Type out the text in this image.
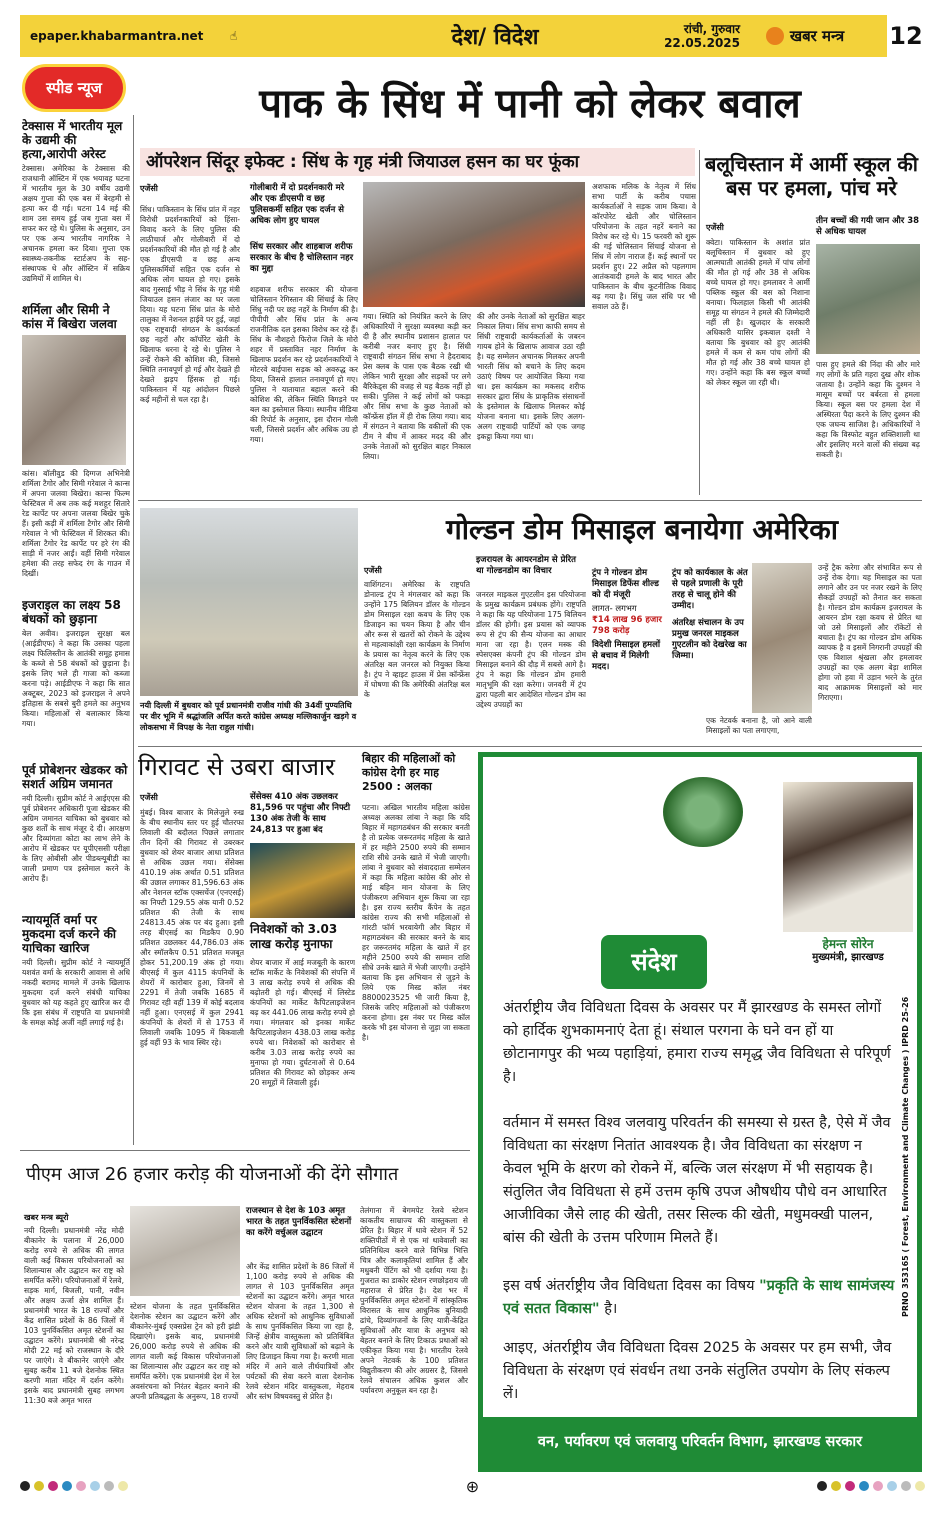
epaper.khabarmantra.net	☝	देश/ विदेश	रांची, गुरुवार
22.05.2025	खबर मन्त्र 12
स्पीड न्यूज
टेक्सास में भारतीय मूल के उद्यमी की हत्या,आरोपी अरेस्ट
टेक्सास। अमेरिका के टेक्सास की राजधानी ऑस्टिन में एक भयावह घटना में भारतीय मूल के 30 वर्षीय उद्यमी अक्षय गुप्ता की एक बस में बेरहमी से हत्या कर दी गई। घटना 14 मई की शाम उस समय हुई जब गुप्ता बस में सफर कर रहे थे। पुलिस के अनुसार, उन पर एक अन्य भारतीय नागरिक ने अचानक हमला कर दिया। गुप्ता एक स्वास्थ्य-तकनीक स्टार्टअप के सह-संस्थापक थे और ऑस्टिन में सक्रिय उद्यमियों में शामिल थे।
शर्मिला और सिमी ने कांस में बिखेरा जलवा
कांस। बॉलीवुड की दिग्गज अभिनेत्री शर्मिला टैगोर और सिमी गरेवाल ने कान्स में अपना जलवा बिखेरा। कान्स फिल्म फेस्टिवल में अब तक कई मशहूर सितारे रेड कार्पेट पर अपना जलवा बिखेर चुके हैं। इसी कड़ी में शर्मिला टैगोर और सिमी गरेवाल ने भी फेस्टिवल में शिरकत की। शर्मिला टैगोर रेड कार्पेट पर हरे रंग की साड़ी में नजर आईं। वहीं सिमी गरेवाल हमेशा की तरह सफेद रंग के गाउन में दिखीं।
इजराइल का लक्ष्य 58 बंधकों को छुड़ाना
बेल अवीव। इजराइल सुरक्षा बल (आईडीएफ) ने कहा कि उसका पहला लक्ष्य फिलिस्तीन के आतंकी समूह हमास के कब्जे से 58 बंधकों को छुड़ाना है। इसके लिए भले ही गाजा को कब्जा करना पड़े। आईडीएफ ने कहा कि सात अक्टूबर, 2023 को इजराइल ने अपने इतिहास के सबसे बुरी हमले का अनुभव किया। महिलाओं से बलात्कार किया गया।
पूर्व प्रोबेशनर खेडकर को सशर्त अग्रिम जमानत
नयी दिल्ली। सुप्रीम कोर्ट ने आईएएस की पूर्व प्रोबेशनर अधिकारी पूजा खेडकर की अग्रिम जमानत याचिका को बुधवार को कुछ शर्तों के साथ मंजूर दे दी। आरक्षण और दिव्यांगता कोटा का लाभ लेने के आरोप में खेडकर पर यूपीएससी परीक्षा के लिए ओबीसी और पीडब्ल्यूबीडी का जाली प्रमाण पत्र इस्तेमाल करने के आरोप हैं।
न्यायमूर्ति वर्मा पर मुकदमा दर्ज करने की याचिका खारिज
नयी दिल्ली। सुप्रीम कोर्ट ने न्यायमूर्ति यशवंत वर्मा के सरकारी आवास से अधि नकदी बरामद मामले में उनके खिलाफ मुकदमा दर्ज करने संबंधी याचिका बुधवार को यह कहते हुए खारिज कर दी कि इस संबंध में राष्ट्रपति या प्रधानमंत्री के समक्ष कोई अर्जी नहीं लगाई गई है।
पाक के सिंध में पानी को लेकर बवाल
ऑपरेशन सिंदूर इफेक्ट : सिंध के गृह मंत्री जियाउल हसन का घर फूंका
एजेंसी
सिंध। पाकिस्तान के सिंध प्रांत में नहर विरोधी प्रदर्शनकारियों को हिंसा-विवाद करने के लिए पुलिस की लाठीचार्ज और गोलीबारी में दो प्रदर्शनकारियों की मौत हो गई है और एक डीएसपी व छह अन्य पुलिसकर्मियों सहित एक दर्जन से अधिक लोग घायल हो गए। इसके बाद गुस्साई भीड़ ने सिंध के गृह मंत्री जियाउल हसन लंजार का घर जला दिया। यह घटना सिंध प्रांत के मोरो तालुका में नेशनल हाईवे पर हुई, जहां एक राष्ट्रवादी संगठन के कार्यकर्ता छह नहरों और कॉर्पोरेट खेती के खिलाफ धरना दे रहे थे। पुलिस ने उन्हें रोकने की कोशिश की, जिससे स्थिति तनावपूर्ण हो गई और देखते ही देखते झड़प हिंसक हो गई। पाकिस्तान में यह आंदोलन पिछले कई महीनों से चल रहा है।
गोलीबारी में दो प्रदर्शनकारी मरे और एक डीएसपी व छह पुलिसकर्मी सहित एक दर्जन से अधिक लोग हुए घायल
सिंध सरकार और शाहबाज शरीफ सरकार के बीच है चोलिस्तान नहर का मुद्दा
शहबाज शरीफ सरकार की योजना चोलिस्तान रेगिस्तान की सिंचाई के लिए सिंधु नदी पर छह नहरें के निर्माण की है। पीपीपी और सिंध प्रांत के अन्य राजनीतिक दल इसका विरोध कर रहे हैं। सिंध के नौशहरो फिरोज जिले के मोरो शहर में प्रस्तावित नहर निर्माण के खिलाफ प्रदर्शन कर रहे प्रदर्शनकारियों ने मोटरवे बाईपास सड़क को अवरुद्ध कर दिया, जिससे हालात तनावपूर्ण हो गए। पुलिस ने यातायात बहाल करने की कोशिश की, लेकिन स्थिति बिगड़ने पर बल का इस्तेमाल किया। स्थानीय मीडिया की रिपोर्ट के अनुसार, इस दौरान गोली चली, जिससे प्रदर्शन और अधिक उग्र हो गया।
गया। स्थिति को नियंत्रित करने के लिए अधिकारियों ने सुरक्षा व्यवस्था कड़ी कर दी है और स्थानीय प्रशासन हालात पर करीबी नजर बनाए हुए है। सिंधी राष्ट्रवादी संगठन सिंध सभा ने हैदराबाद प्रेस क्लब के पास एक बैठक रखी थी लेकिन भारी सुरक्षा और सड़कों पर लगे बैरिकेड्स की वजह से यह बैठक नहीं हो सकी। पुलिस ने कई लोगों को पकड़ा और सिंध सभा के कुछ नेताओं को कॉन्फ्रेंस हॉल में ही रोक लिया गया। बाद में संगठन ने बताया कि वकीलों की एक टीम ने बीच में आकर मदद की और उनके नेताओं को सुरक्षित बाहर निकाल लिया।
की और उनके नेताओं को सुरक्षित बाहर निकाल लिया। सिंध सभा काफी समय से सिंधी राष्ट्रवादी कार्यकर्ताओं के जबरन गायब होने के खिलाफ आवाज उठा रही है। यह सम्मेलन अचानक मिलकर अपनी भारती सिंध को बचाने के लिए कदम उठाएं विषय पर आयोजित किया गया था। इस कार्यक्रम का मकसद शरीफ सरकार द्वारा सिंध के प्राकृतिक संसाधनों के इस्तेमाल के खिलाफ मिलकर कोई योजना बनाना था। इसके लिए अलग-अलग राष्ट्रवादी पार्टियों को एक जगह इकट्ठा किया गया था।
अशफाक मलिक के नेतृत्व में सिंध सभा पार्टी के करीब पचास कार्यकर्ताओं ने सड़क जाम किया। वे कॉरपोरेट खेती और चोलिस्तान परियोजना के तहत नहरें बनाने का विरोध कर रहे थे। 15 फरवरी को शुरू की गई चोलिस्तान सिंचाई योजना से सिंध में लोग नाराज हैं। कई स्थानों पर प्रदर्शन हुए। 22 अप्रैल को पहलगाम आतंकवादी हमले के बाद भारत और पाकिस्तान के बीच कूटनीतिक विवाद बढ़ गया है। सिंधु जल संधि पर भी सवाल उठे हैं।
बलूचिस्तान में आर्मी स्कूल की बस पर हमला, पांच मरे
तीन बच्चों की गयी जान और 38 से अधिक घायल
एजेंसी
क्वेटा। पाकिस्तान के अशांत प्रांत बलूचिस्तान में बुधवार को हुए आत्मघाती आतंकी हमले में पांच लोगों की मौत हो गई और 38 से अधिक बच्चे घायल हो गए। हमलावर ने आर्मी पब्लिक स्कूल की बस को निशाना बनाया। फिलहाल किसी भी आतंकी समूह या संगठन ने हमले की जिम्मेदारी नहीं ली है। खुजदार के सरकारी अधिकारी यासिर इकबाल दश्ती ने बताया कि बुधवार को हुए आतंकी हमले में कम से कम पांच लोगों की मौत हो गई और 38 बच्चे घायल हो गए। उन्होंने कहा कि बस स्कूल बच्चों को लेकर स्कूल जा रही थी।
पास हुए हमले की निंदा की और मारे गए लोगों के प्रति गहरा दुख और शोक जताया है। उन्होंने कहा कि दुश्मन ने मासूम बच्चों पर बर्बरता से हमला किया। स्कूल बस पर हमला देश में अस्थिरता पैदा करने के लिए दुश्मन की एक जघन्य साजिश है। अधिकारियों ने कहा कि विस्फोट बहुत शक्तिशाली था और इसलिए मरने वालों की संख्या बढ़ सकती है।
नयी दिल्ली में बुधवार को पूर्व प्रधानमंत्री राजीव गांधी की 34वीं पुण्यतिथि पर वीर भूमि में श्रद्धांजलि अर्पित करते कांग्रेस अध्यक्ष मल्लिकार्जुन खड़गे व लोकसभा में विपक्ष के नेता राहुल गांधी।
गोल्डन डोम मिसाइल बनायेगा अमेरिका
एजेंसी
वाशिंगटन। अमेरिका के राष्ट्रपति डोनाल्ड ट्रंप ने मंगलवार को कहा कि उन्होंने 175 बिलियन डॉलर के गोल्डन डोम मिसाइल रक्षा कवच के लिए एक डिजाइन का चयन किया है और चीन और रूस से खतरों को रोकने के उद्देश्य से महत्वाकांक्षी रक्षा कार्यक्रम के निर्माण के प्रयास का नेतृत्व करने के लिए एक अंतरिक्ष बल जनरल को नियुक्त किया है। ट्रंप ने व्हाइट हाउस में प्रेस कॉन्फ्रेंस में घोषणा की कि अमेरिकी अंतरिक्ष बल के
इजरायल के आयरनडोम से प्रेरित था गोल्डनडोम का विचार
जनरल माइकल गुएटलीन इस परियोजना के प्रमुख कार्यक्रम प्रबंधक होंगे। राष्ट्रपति ने कहा कि यह परियोजना 175 बिलियन डॉलर की होगी। इस प्रयास को व्यापक रूप से ट्रंप की सैन्य योजना का आधार माना जा रहा है। एलन मस्क की स्पेसएक्स कंपनी ट्रंप की गोल्डन डोम मिसाइल बनाने की दौड़ में सबसे आगे है। ट्रंप ने कहा कि गोल्डन डोम हमारी मातृभूमि की रक्षा करेगा। जनवरी में ट्रंप द्वारा पहली बार आदेशित गोल्डन डोम का उद्देश्य उपग्रहों का
ट्रंप ने गोल्डन डोम मिसाइल डिफेंस शील्ड को दी मंजूरी
लागत- लगभग
₹14 लाख 96 हजार 798 करोड़
विदेशी मिसाइल हमलों से बचाव में मिलेगी मदद।
ट्रंप को कार्यकाल के अंत से पहले प्रणाली के पूरी तरह से चालू होने की उम्मीद।
अंतरिक्ष संचालन के उप प्रमुख जनरल माइकल गुएटलीन को देखरेख का जिम्मा।
एक नेटवर्क बनाना है, जो आने वाली मिसाइलों का पता लगाएगा,
उन्हें ट्रैक करेगा और संभावित रूप से उन्हें रोक देगा। यह मिसाइल का पता लगाने और उन पर नजर रखने के लिए सैकड़ों उपग्रहों को तैनात कर सकता है। गोल्डन डोम कार्यक्रम इजरायल के आयरन डोम रक्षा कवच से प्रेरित था जो उसे मिसाइलों और रॉकेटों से बचाता है। ट्रंप का गोल्डन डोम अधिक व्यापक है व इसमें निगरानी उपग्रहों की एक विशाल श्रृंखला और हमलावर उपग्रहों का एक अलग बेड़ा शामिल होगा जो हवा में उड़ान भरने के तुरंत बाद आक्रामक मिसाइलों को मार गिराएगा।
गिरावट से उबरा बाजार
एजेंसी
मुंबई। विश्व बाजार के मिलेजुले रुख के बीच स्थानीय स्तर पर हुई चौतरफा लिवाली की बदौलत पिछले लगातार तीन दिनों की गिरावट से उबरकर बुधवार को शेयर बाजार आधा प्रतिशत से अधिक उछल गया। सेंसेक्स 410.19 अंक अर्थात 0.51 प्रतिशत की उछाल लगाकर 81,596.63 अंक और नेशनल स्टॉक एक्सचेंज (एनएसई) का निफ्टी 129.55 अंक यानी 0.52 प्रतिशत की तेजी के साथ 24813.45 अंक पर बंद हुआ। इसी तरह बीएसई का मिडकैप 0.90 प्रतिशत उछलकर 44,786.03 अंक और स्मॉलकैप 0.51 प्रतिशत मजबूत होकर 51,200.19 अंक हो गया। बीएसई में कुल 4115 कंपनियों के शेयरों में कारोबार हुआ, जिनमें से 2291 में तेजी जबकि 1685 में गिरावट रही वहीं 139 में कोई बदलाव नहीं हुआ। एनएसई में कुल 2941 कंपनियों के शेयरों में से 1753 में लिवाली जबकि 1095 में बिकवाली हुई वहीं 93 के भाव स्थिर रहे।
सेंसेक्स 410 अंक उछलकर 81,596 पर पहुंचा और निफ्टी 130 अंक तेजी के साथ 24,813 पर हुआ बंद
निवेशकों को 3.03 लाख करोड़ मुनाफा
शेयर बाजार में आई मजबूती के कारण स्टॉक मार्केट के निवेशकों की संपत्ति में 3 लाख करोड़ रुपये से अधिक की बढ़ोतरी हो गई। बीएसई में लिस्टेड कंपनियों का मार्केट कैपिटलाइजेशन बढ़ कर 441.06 लाख करोड़ रुपये हो गया। मंगलवार को इनका मार्केट कैपिटलाइजेशन 438.03 लाख करोड़ रुपये था। निवेशकों को कारोबार से करीब 3.03 लाख करोड़ रुपये का मुनाफा हो गया। दुर्घटनाओं से 0.64 प्रतिशत की गिरावट को छोड़कर अन्य 20 समूहों में लिवाली हुई।
बिहार की महिलाओं को कांग्रेस देगी हर माह 2500 : अलका
पटना। अखिल भारतीय महिला कांग्रेस अध्यक्ष अलका लांबा ने कहा कि यदि बिहार में महागठबंधन की सरकार बनती है तो प्रत्येक जरूरतमंद महिला के खाते में हर महीने 2500 रुपये की सम्मान राशि सीधे उनके खाते में भेजी जाएगी। लांबा ने बुधवार को संवाददाता सम्मेलन में कहा कि महिला कांग्रेस की ओर से माई बहिन मान योजना के लिए पंजीकरण अभियान शुरू किया जा रहा है। इस राज्य स्तरीय कैंपेन के तहत कांग्रेस राज्य की सभी महिलाओं से गांरटी फॉर्म भरवायेगी और बिहार में महागठबंधन की सरकार बनने के बाद हर जरूरतमंद महिला के खाते में हर महीने 2500 रुपये की सम्मान राशि सीधे उनके खाते में भेजी जाएगी। उन्होंने बताया कि इस अभियान से जुड़ने के लिये एक मिस्ड कॉल नंबर 8800023525 भी जारी किया है, जिसके जरिए महिलाओं को पंजीकरण करना होगा। इस नंबर पर मिस्ड कॉल करके भी इस योजना से जुड़ा जा सकता है।
हेमन्त सोरेन
मुख्यमंत्री, झारखण्ड
संदेश
अंतर्राष्ट्रीय जैव विविधता दिवस के अवसर पर मैं झारखण्ड के समस्त लोगों को हार्दिक शुभकामनाएं देता हूं। संथाल परगना के घने वन हों या छोटानागपुर की भव्य पहाड़ियां, हमारा राज्य समृद्ध जैव विविधता से परिपूर्ण है।
वर्तमान में समस्त विश्व जलवायु परिवर्तन की समस्या से ग्रस्त है, ऐसे में जैव विविधता का संरक्षण नितांत आवश्यक है। जैव विविधता का संरक्षण न केवल भूमि के क्षरण को रोकने में, बल्कि जल संरक्षण में भी सहायक है। संतुलित जैव विविधता से हमें उत्तम कृषि उपज औषधीय पौधे वन आधारित आजीविका जैसे लाह की खेती, तसर सिल्क की खेती, मधुमक्खी पालन, बांस की खेती के उत्तम परिणाम मिलते हैं।
इस वर्ष अंतर्राष्ट्रीय जैव विविधता दिवस का विषय "प्रकृति के साथ सामंजस्य एवं सतत विकास" है।
आइए, अंतर्राष्ट्रीय जैव विविधता दिवस 2025 के अवसर पर हम सभी, जैव विविधता के संरक्षण एवं संवर्धन तथा उनके संतुलित उपयोग के लिए संकल्प लें।
PRNO 353165 ( Forest, Environment and Climate Changes ) IPRD 25-26
वन, पर्यावरण एवं जलवायु परिवर्तन विभाग, झारखण्ड सरकार
पीएम आज 26 हजार करोड़ की योजनाओं की देंगे सौगात
खबर मन्त्र ब्यूरो
नयी दिल्ली। प्रधानमंत्री नरेंद्र मोदी बीकानेर के पलाना में 26,000 करोड़ रुपये से अधिक की लागत वाली कई विकास परियोजनाओं का शिलान्यास और उद्घाटन कर राष्ट्र को समर्पित करेंगे। परियोजनाओं में रेलवे, सड़क मार्ग, बिजली, पानी, नवीन और अक्षय ऊर्जा क्षेत्र शामिल हैं। प्रधानमंत्री भारत के 18 राज्यों और केंद्र शासित प्रदेशों के 86 जिलों में 103 पुनर्विकसित अमृत स्टेशनों का उद्घाटन करेंगे। प्रधानमंत्री श्री नरेन्द्र मोदी 22 मई को राजस्थान के दौरे पर जाएंगे। वे बीकानेर जाएंगे और सुबह करीब 11 बजे देशनोक स्थित करणी माता मंदिर में दर्शन करेंगे। इसके बाद प्रधानमंत्री सुबह लगभग 11:30 बजे अमृत भारत
स्टेशन योजना के तहत पुनर्विकसित देशनोक स्टेशन का उद्घाटन करेंगे और बीकानेर-मुंबई एक्सप्रेस ट्रेन को हरी झंडी दिखाएंगे। इसके बाद, प्रधानमंत्री 26,000 करोड़ रुपये से अधिक की लागत वाली कई विकास परियोजनाओं का शिलान्यास और उद्घाटन कर राष्ट्र को समर्पित करेंगे। एक प्रधानमंत्री देश में रेल अवसंरचना को निरंतर बेहतर बनाने की अपनी प्रतिबद्धता के अनुरूप, 18 राज्यों
राजस्थान से देश के 103 अमृत भारत के तहत पुनर्विकसित स्टेशनों का करेंगे वर्चुअल उद्घाटन
और केंद्र शासित प्रदेशों के 86 जिलों में 1,100 करोड़ रुपये से अधिक की लागत से 103 पुनर्विकसित अमृत स्टेशनों का उद्घाटन करेंगे। अमृत भारत स्टेशन योजना के तहत 1,300 से अधिक स्टेशनों को आधुनिक सुविधाओं के साथ पुनर्विकसित किया जा रहा है, जिन्हें क्षेत्रीय वास्तुकला को प्रतिबिंबित करने और यात्री सुविधाओं को बढ़ाने के लिए डिजाइन किया गया है। करणी माता मंदिर में आने वाले तीर्थयात्रियों और पर्यटकों की सेवा करने वाला देशनोक रेलवे स्टेशन मंदिर वास्तुकला, मेहराब और स्तंभ विषयवस्तु से प्रेरित है।
तेलंगाना में बेगमपेट रेलवे स्टेशन काकतीय साम्राज्य की वास्तुकला से प्रेरित है। बिहार में थावे स्टेशन में 52 शक्तिपीठों में से एक मां थावेवाली का प्रतिनिधित्व करने वाले विभिन्न भित्ति चित्र और कलाकृतियां शामिल हैं और मधुबनी पेंटिंग को भी दर्शाया गया है। गुजरात का डाकोर स्टेशन रणछोड़राय जी महाराज से प्रेरित है। देश भर में पुनर्विकसित अमृत स्टेशनों में सांस्कृतिक विरासत के साथ आधुनिक बुनियादी ढांचे, दिव्यांगजनों के लिए यात्री-केंद्रित सुविधाओं और यात्रा के अनुभव को बेहतर बनाने के लिए टिकाऊ प्रथाओं को एकीकृत किया गया है। भारतीय रेलवे अपने नेटवर्क के 100 प्रतिशत विद्युतीकरण की ओर अग्रसर है, जिससे रेलवे संचालन अधिक कुशल और पर्यावरण अनुकूल बन रहा है।
⊕
